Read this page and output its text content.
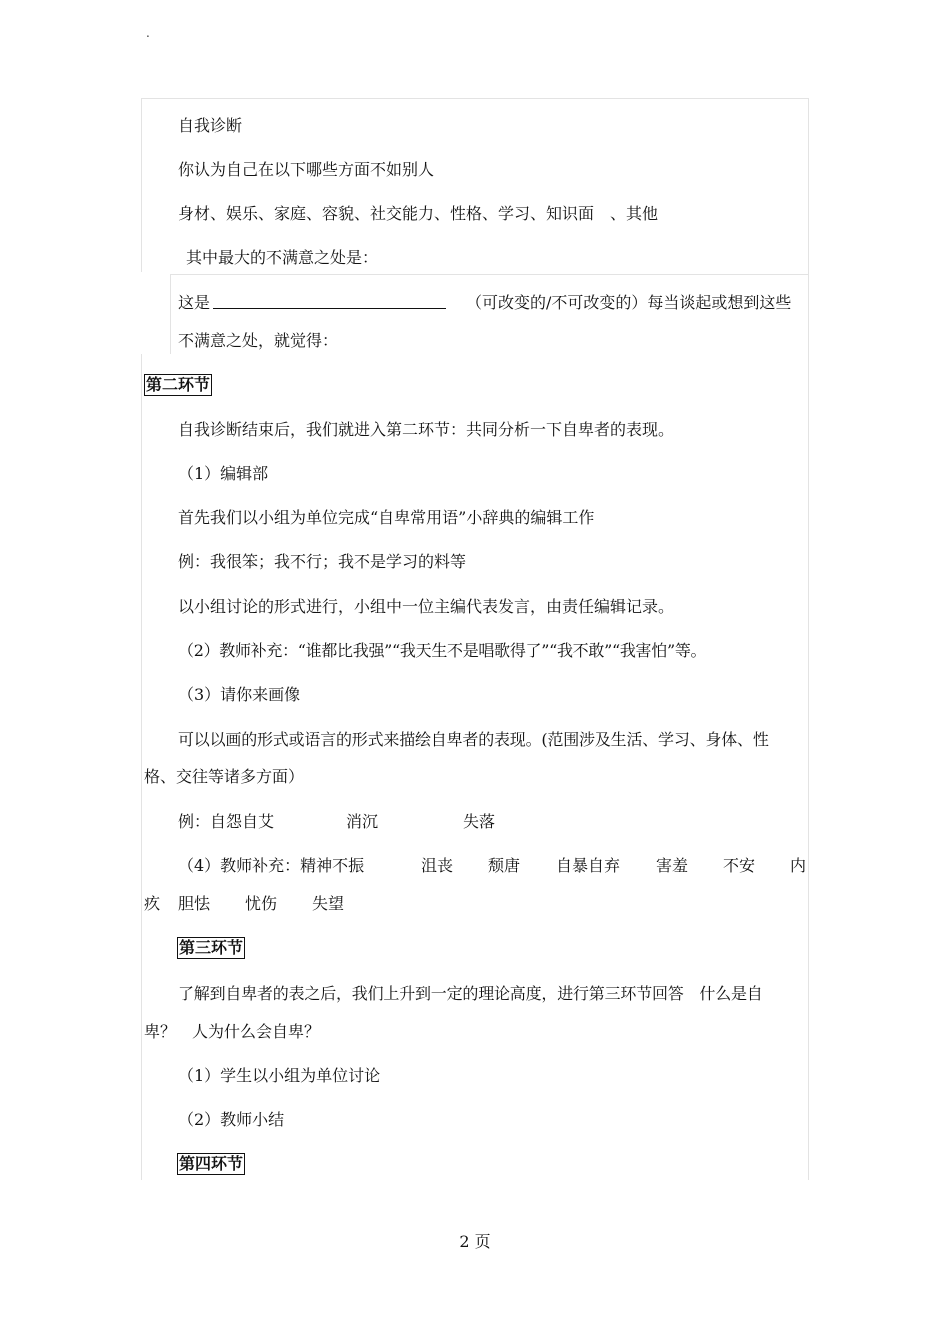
.
自我诊断
你认为自己在以下哪些方面不如别人
身材、娱乐、家庭、容貌、社交能力、性格、学习、知识面　、其他
其中最大的不满意之处是：
这是	（可改变的/不可改变的）每当谈起或想到这些
不满意之处，就觉得：
第二环节
自我诊断结束后，我们就进入第二环节：共同分析一下自卑者的表现。
（1）编辑部
首先我们以小组为单位完成“自卑常用语”小辞典的编辑工作
例：我很笨；我不行；我不是学习的料等
以小组讨论的形式进行，小组中一位主编代表发言，由责任编辑记录。
（2）教师补充：“谁都比我强”“我天生不是唱歌得了”“我不敢”“我害怕”等。
（3）请你来画像
可以以画的形式或语言的形式来描绘自卑者的表现。(范围涉及生活、学习、身体、性
格、交往等诸多方面）
例：自怨自艾	消沉	失落
（4）教师补充：精神不振	沮丧 颓唐 自暴自弃 害羞 不安 内
疚 胆怯 忧伤 失望
第三环节
了解到自卑者的表之后，我们上升到一定的理论高度，进行第三环节回答　什么是自
卑？　人为什么会自卑？
（1）学生以小组为单位讨论
（2）教师小结
第四环节
2 页
